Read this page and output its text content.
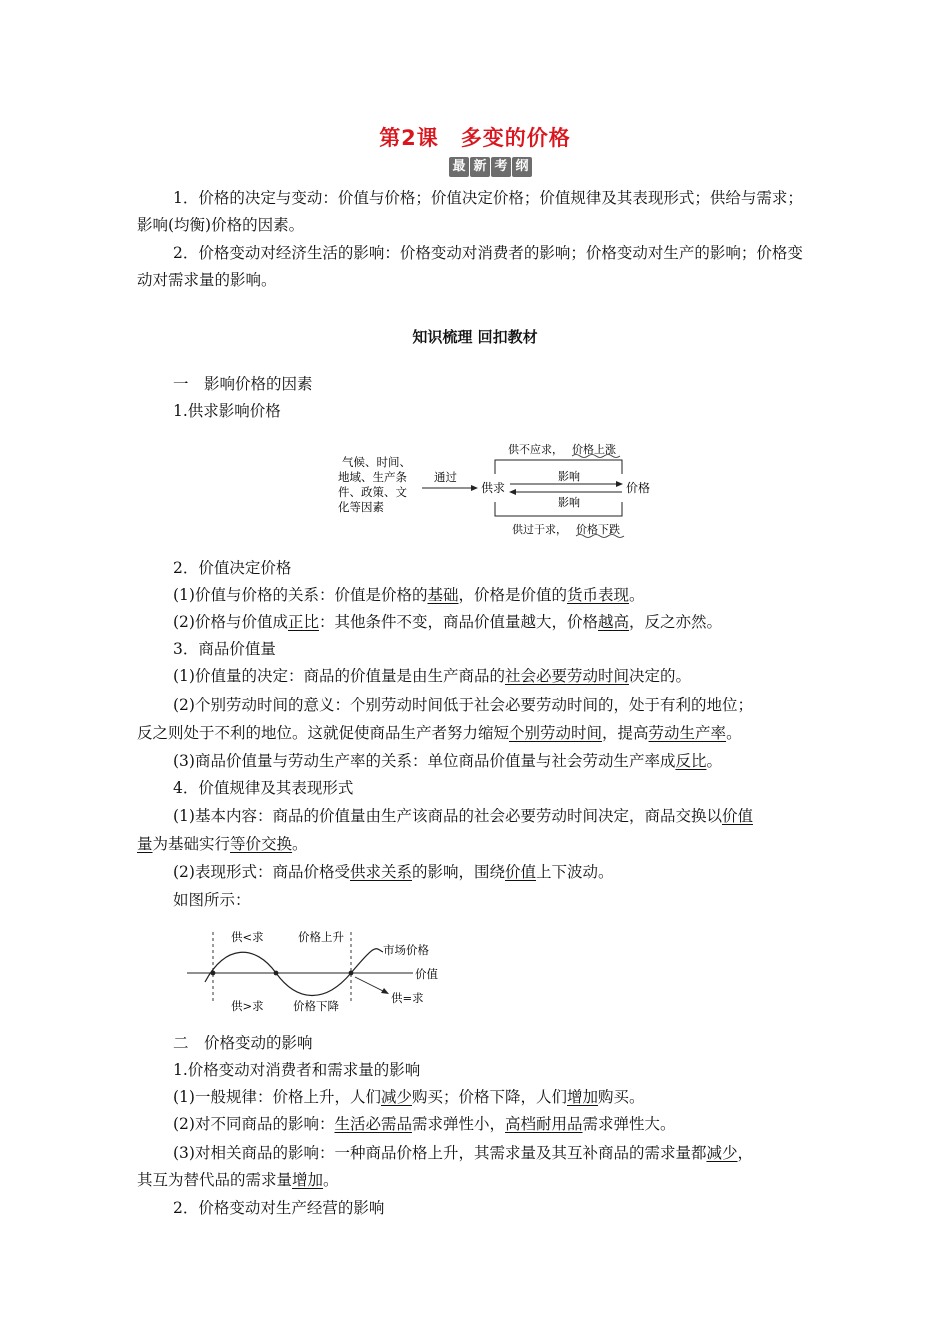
第2课　多变的价格
最 新 考 纲
1．价格的决定与变动：价值与价格；价值决定价格；价值规律及其表现形式；供给与需求；影响(均衡)价格的因素。
2．价格变动对经济生活的影响：价格变动对消费者的影响；价格变动对生产的影响；价格变动对需求量的影响。
知识梳理 回扣教材
一　影响价格的因素
1.供求影响价格
气候、时间、
地域、生产条
件、政策、文
化等因素
通过
供求	价格
供不应求， 价格上涨
影响
影响
供过于求， 价格下跌
2．价值决定价格
(1)价值与价格的关系：价值是价格的基础，价格是价值的货币表现。
(2)价格与价值成正比：其他条件不变，商品价值量越大，价格越高，反之亦然。
3．商品价值量
(1)价值量的决定：商品的价值量是由生产商品的社会必要劳动时间决定的。
(2)个别劳动时间的意义：个别劳动时间低于社会必要劳动时间的，处于有利的地位；
反之则处于不利的地位。这就促使商品生产者努力缩短个别劳动时间，提高劳动生产率。
(3)商品价值量与劳动生产率的关系：单位商品价值量与社会劳动生产率成反比。
4．价值规律及其表现形式
(1)基本内容：商品的价值量由生产该商品的社会必要劳动时间决定，商品交换以价值
量为基础实行等价交换。
(2)表现形式：商品价格受供求关系的影响，围绕价值上下波动。
如图所示：
供<求	价格上升
市场价格
价值
供>求	价格下降
供=求
二　价格变动的影响
1.价格变动对消费者和需求量的影响
(1)一般规律：价格上升，人们减少购买；价格下降，人们增加购买。
(2)对不同商品的影响：生活必需品需求弹性小，高档耐用品需求弹性大。
(3)对相关商品的影响：一种商品价格上升，其需求量及其互补商品的需求量都减少，
其互为替代品的需求量增加。
2．价格变动对生产经营的影响
